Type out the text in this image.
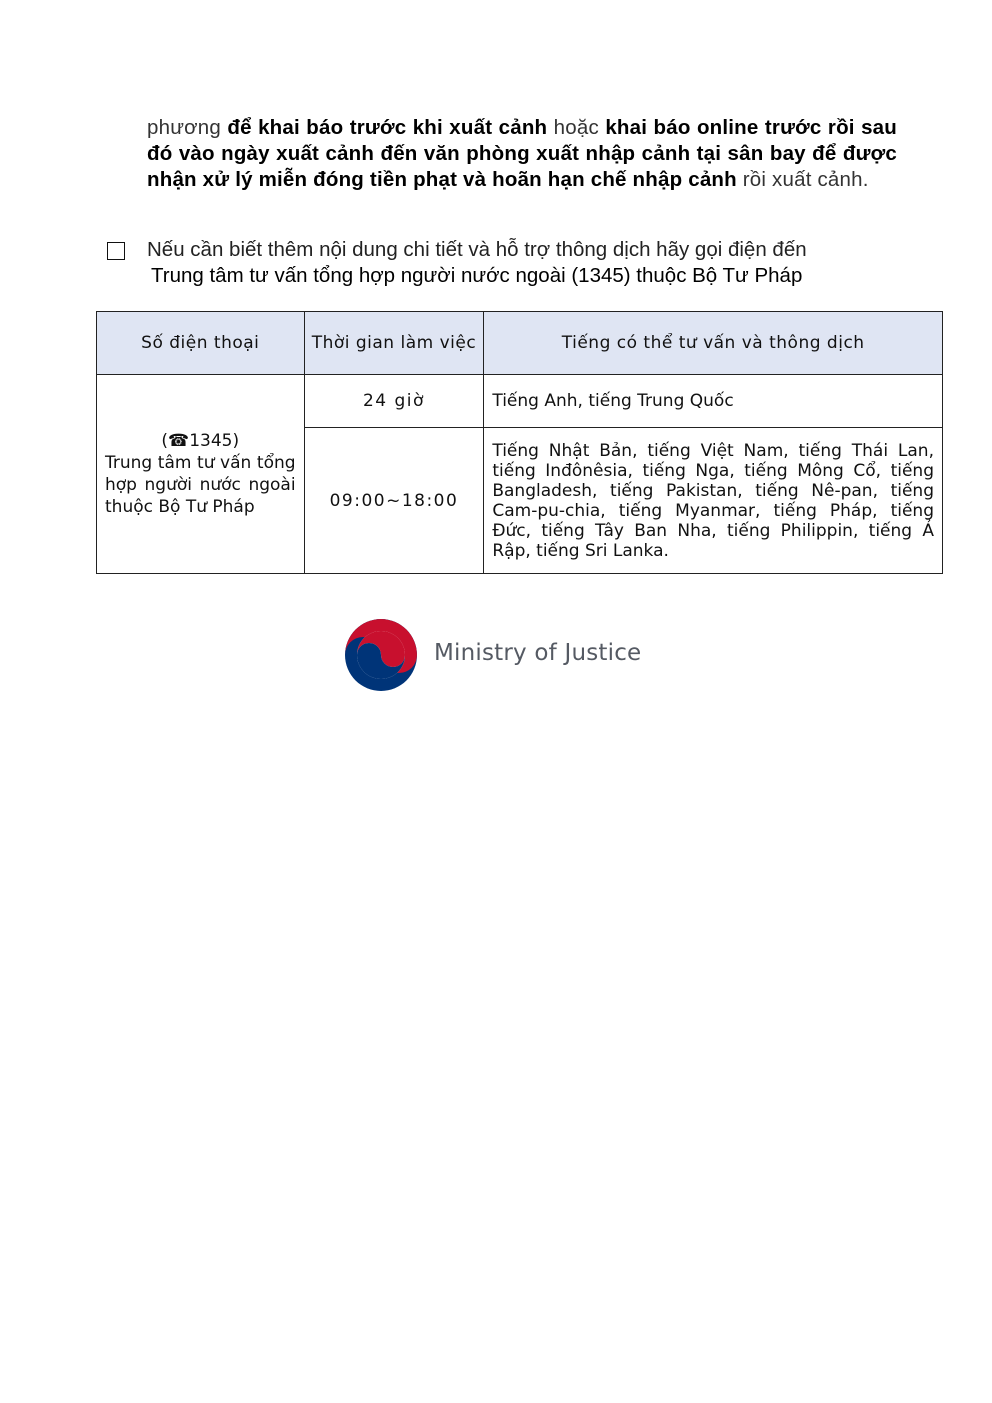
phương để khai báo trước khi xuất cảnh hoặc khai báo online trước rồi sau đó vào ngày xuất cảnh đến văn phòng xuất nhập cảnh tại sân bay để được nhận xử lý miễn đóng tiền phạt và hoãn hạn chế nhập cảnh rồi xuất cảnh.
Nếu cần biết thêm nội dung chi tiết và hỗ trợ thông dịch hãy gọi điện đến
Trung tâm tư vấn tổng hợp người nước ngoài (1345) thuộc Bộ Tư Pháp
Số điện thoại	Thời gian làm việc	Tiếng có thể tư vấn và thông dịch

(☎1345)
Trung tâm tư vấn tổng hợp người nước ngoài thuộc Bộ Tư Pháp	24 giờ	Tiếng Anh, tiếng Trung Quốc
	09:00~18:00	Tiếng Nhật Bản, tiếng Việt Nam, tiếng Thái Lan, tiếng Inđônêsia, tiếng Nga, tiếng Mông Cổ, tiếng Bangladesh, tiếng Pakistan, tiếng Nê-pan, tiếng Cam-pu-chia, tiếng Myanmar, tiếng Pháp, tiếng Đức, tiếng Tây Ban Nha, tiếng Philippin, tiếng Ả Rập, tiếng Sri Lanka.
Ministry of Justice
